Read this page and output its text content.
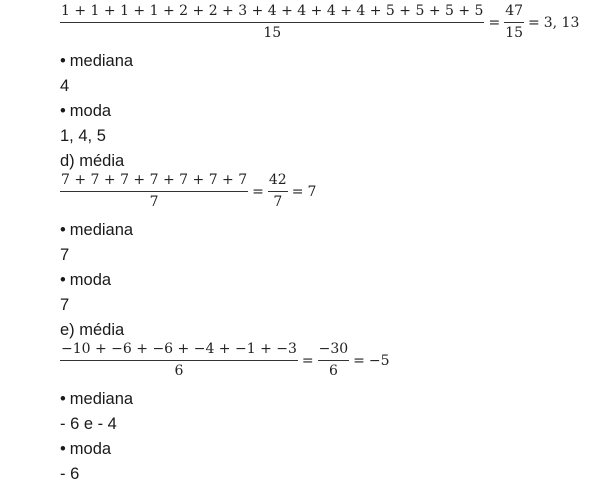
$\frac{1 + 1 + 1 + 1 + 2 + 2 + 3 + 4 + 4 + 4 + 4 + 5 + 5 + 5 + 5}{15} = \frac{47}{15} = 3$, 13
• mediana
4
• moda
1, 4, 5
d) média
$\frac{7 + 7 + 7 + 7 + 7 + 7 + 7}{7} = \frac{42}{7} = 7$
• mediana
7
• moda
7
e) média
$\frac{-10 + -6 + -6 + -4 + -1 + -3}{6} = \frac{-30}{6} = -5$
• mediana
- 6 e - 4
• moda
- 6
